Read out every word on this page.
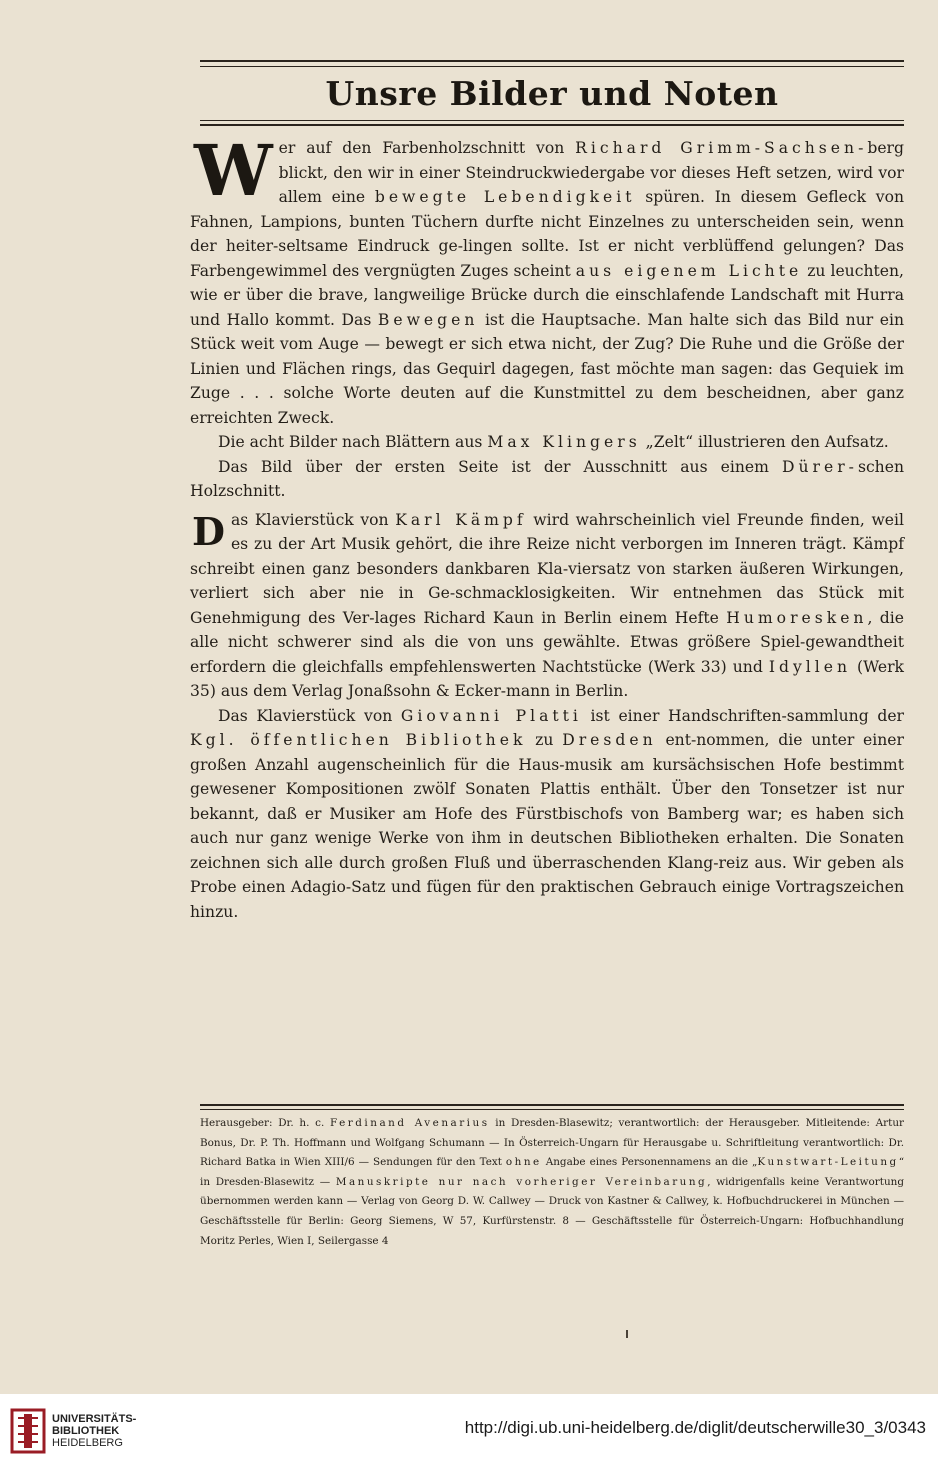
Unsre Bilder und Noten

Wer auf den Farbenholzschnitt von Richard Grimm-Sachsen-berg blickt, den wir in einer Steindruckwiedergabe vor dieses Heft setzen, wird vor allem eine bewegte Lebendigkeit spüren. In diesem Gefleck von Fahnen, Lampions, bunten Tüchern durfte nicht Einzelnes zu unterscheiden sein, wenn der heiter-seltsame Eindruck ge-lingen sollte. Ist er nicht verblüffend gelungen? Das Farbengewimmel des vergnügten Zuges scheint aus eigenem Lichte zu leuchten, wie er über die brave, langweilige Brücke durch die einschlafende Landschaft mit Hurra und Hallo kommt. Das Bewegen ist die Hauptsache. Man halte sich das Bild nur ein Stück weit vom Auge — bewegt er sich etwa nicht, der Zug? Die Ruhe und die Größe der Linien und Flächen rings, das Gequirl dagegen, fast möchte man sagen: das Gequiek im Zuge . . . solche Worte deuten auf die Kunstmittel zu dem bescheidnen, aber ganz erreichten Zweck.

Die acht Bilder nach Blättern aus Max Klingers „Zelt“ illustrieren den Aufsatz.

Das Bild über der ersten Seite ist der Ausschnitt aus einem Dürer-schen Holzschnitt.

Das Klavierstück von Karl Kämpf wird wahrscheinlich viel Freunde finden, weil es zu der Art Musik gehört, die ihre Reize nicht verborgen im Inneren trägt. Kämpf schreibt einen ganz besonders dankbaren Kla-viersatz von starken äußeren Wirkungen, verliert sich aber nie in Ge-schmacklosigkeiten. Wir entnehmen das Stück mit Genehmigung des Ver-lages Richard Kaun in Berlin einem Hefte Humoresken, die alle nicht schwerer sind als die von uns gewählte. Etwas größere Spiel-gewandtheit erfordern die gleichfalls empfehlenswerten Nachtstücke (Werk 33) und Idyllen (Werk 35) aus dem Verlag Jonaßsohn & Ecker-mann in Berlin.

Das Klavierstück von Giovanni Platti ist einer Handschriften-sammlung der Kgl. öffentlichen Bibliothek zu Dresden ent-nommen, die unter einer großen Anzahl augenscheinlich für die Haus-musik am kursächsischen Hofe bestimmt gewesener Kompositionen zwölf Sonaten Plattis enthält. Über den Tonsetzer ist nur bekannt, daß er Musiker am Hofe des Fürstbischofs von Bamberg war; es haben sich auch nur ganz wenige Werke von ihm in deutschen Bibliotheken erhalten. Die Sonaten zeichnen sich alle durch großen Fluß und überraschenden Klang-reiz aus. Wir geben als Probe einen Adagio-Satz und fügen für den praktischen Gebrauch einige Vortragszeichen hinzu.

Herausgeber: Dr. h. c. Ferdinand Avenarius in Dresden-Blasewitz; verantwortlich: der Herausgeber. Mitleitende: Artur Bonus, Dr. P. Th. Hoffmann und Wolfgang Schumann — In Österreich-Ungarn für Herausgabe u. Schriftleitung verantwortlich: Dr. Richard Batka in Wien XIII/6 — Sendungen für den Text ohne Angabe eines Personennamens an die „Kunstwart-Leitung“ in Dresden-Blasewitz — Manuskripte nur nach vorheriger Vereinbarung, widrigenfalls keine Verantwortung übernommen werden kann — Verlag von Georg D. W. Callwey — Druck von Kastner & Callwey, k. Hofbuchdruckerei in München — Geschäftsstelle für Berlin: Georg Siemens, W 57, Kurfürstenstr. 8 — Geschäftsstelle für Österreich-Ungarn: Hofbuchhandlung Moritz Perles, Wien I, Seilergasse 4

UNIVERSITÄTS-
BIBLIOTHEK
HEIDELBERG
http://digi.ub.uni-heidelberg.de/diglit/deutscherwille30_3/0343
